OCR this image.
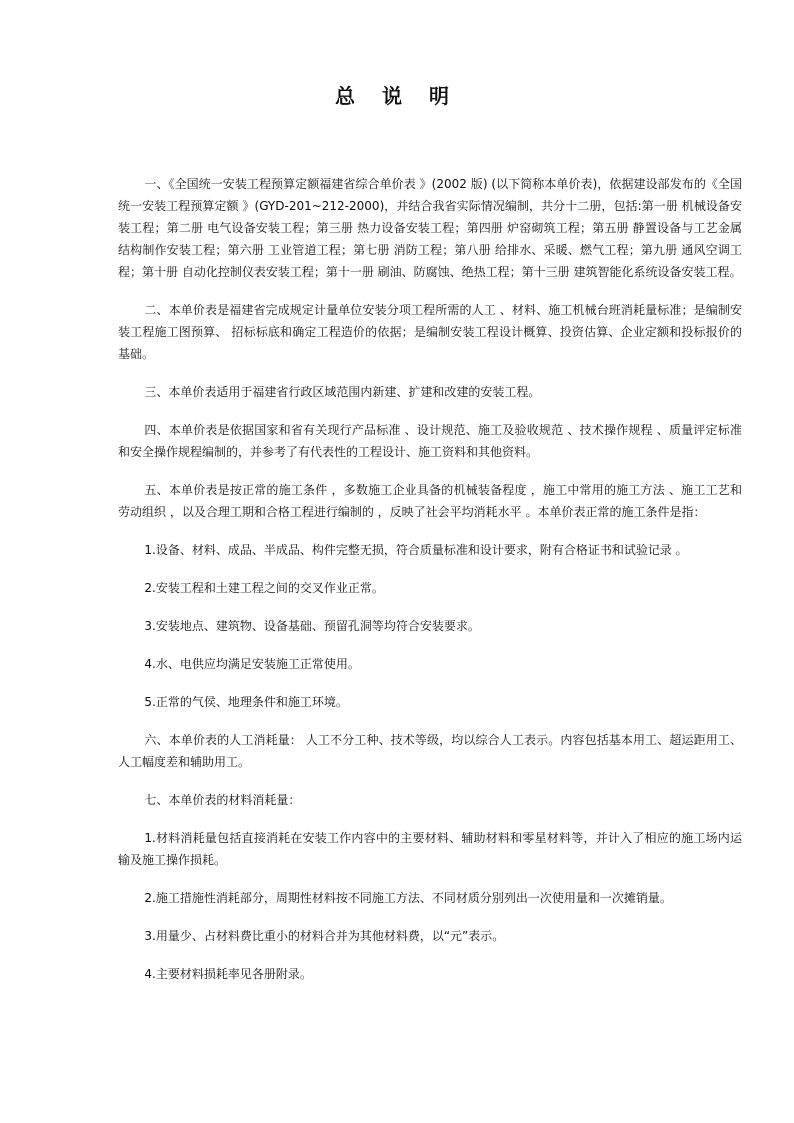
总 说 明

一、《全国统一安装工程预算定额福建省综合单价表 》(2002 版) (以下简称本单价表)，依据建设部发布的《全国统一安装工程预算定额 》(GYD-201~212-2000)，并结合我省实际情况编制，共分十二册，包括:第一册 机械设备安装工程；第二册 电气设备安装工程；第三册 热力设备安装工程；第四册 炉窑砌筑工程；第五册 静置设备与工艺金属结构制作安装工程；第六册 工业管道工程；第七册 消防工程；第八册 给排水、采暖、燃气工程；第九册 通风空调工程；第十册 自动化控制仪表安装工程；第十一册 刷油、防腐蚀、绝热工程；第十三册 建筑智能化系统设备安装工程。

二、本单价表是福建省完成规定计量单位安装分项工程所需的人工 、材料、施工机械台班消耗量标准；是编制安装工程施工图预算、 招标标底和确定工程造价的依据；是编制安装工程设计概算、投资估算、企业定额和投标报价的基础。

三、本单价表适用于福建省行政区域范围内新建、扩建和改建的安装工程。

四、本单价表是依据国家和省有关现行产品标准 、设计规范、施工及验收规范 、技术操作规程 、质量评定标准和安全操作规程编制的，并参考了有代表性的工程设计、施工资料和其他资料。

五、本单价表是按正常的施工条件 ，多数施工企业具备的机械装备程度 ，施工中常用的施工方法 、施工工艺和劳动组织 ，以及合理工期和合格工程进行编制的 ，反映了社会平均消耗水平 。本单价表正常的施工条件是指：

1.设备、材料、成品、半成品、构件完整无损，符合质量标准和设计要求，附有合格证书和试验记录 。

2.安装工程和土建工程之间的交叉作业正常。

3.安装地点、建筑物、设备基础、预留孔洞等均符合安装要求。

4.水、电供应均满足安装施工正常使用。

5.正常的气侯、地理条件和施工环境。

六、本单价表的人工消耗量： 人工不分工种、技术等级，均以综合人工表示。内容包括基本用工、超运距用工、人工幅度差和辅助用工。

七、本单价表的材料消耗量：

1.材料消耗量包括直接消耗在安装工作内容中的主要材料、辅助材料和零星材料等，并计入了相应的施工场内运输及施工操作损耗。

2.施工措施性消耗部分，周期性材料按不同施工方法、不同材质分别列出一次使用量和一次摊销量。

3.用量少、占材料费比重小的材料合并为其他材料费，以“元”表示。

4.主要材料损耗率见各册附录。
